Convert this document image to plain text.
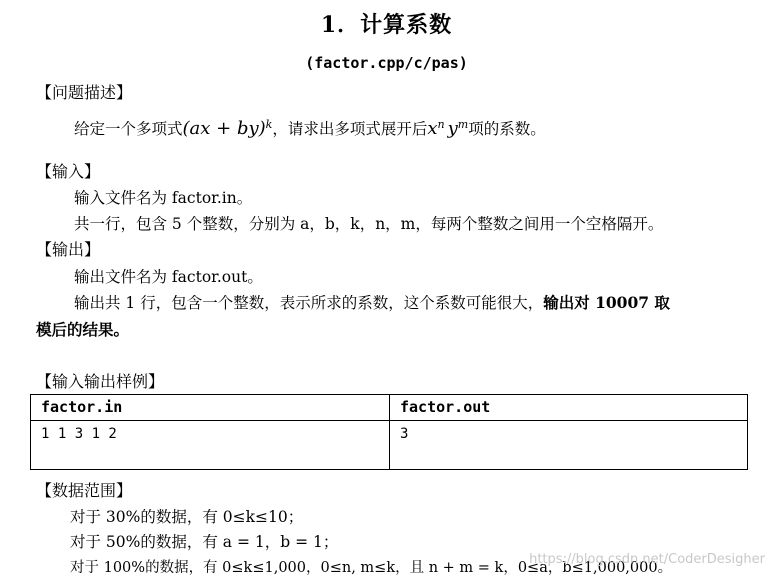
1．计算系数
(factor.cpp/c/pas)
【问题描述】
给定一个多项式(ax + by)$^k$，请求出多项式展开后$x^n$ $y^m$项的系数。
【输入】
输入文件名为 factor.in。
共一行，包含 5 个整数，分别为 a，b，k，n，m，每两个整数之间用一个空格隔开。
【输出】
输出文件名为 factor.out。
输出共 1 行，包含一个整数，表示所求的系数，这个系数可能很大，输出对 10007 取
模后的结果。
【输入输出样例】
factor.in	factor.out
1 1 3 1 2	3
【数据范围】
对于 30%的数据，有 0≤k≤10；
对于 50%的数据，有 a = 1，b = 1；
对于 100%的数据，有 0≤k≤1,000，0≤n, m≤k，且 n + m = k，0≤a，b≤1,000,000。
https://blog.csdn.net/CoderDesigher
